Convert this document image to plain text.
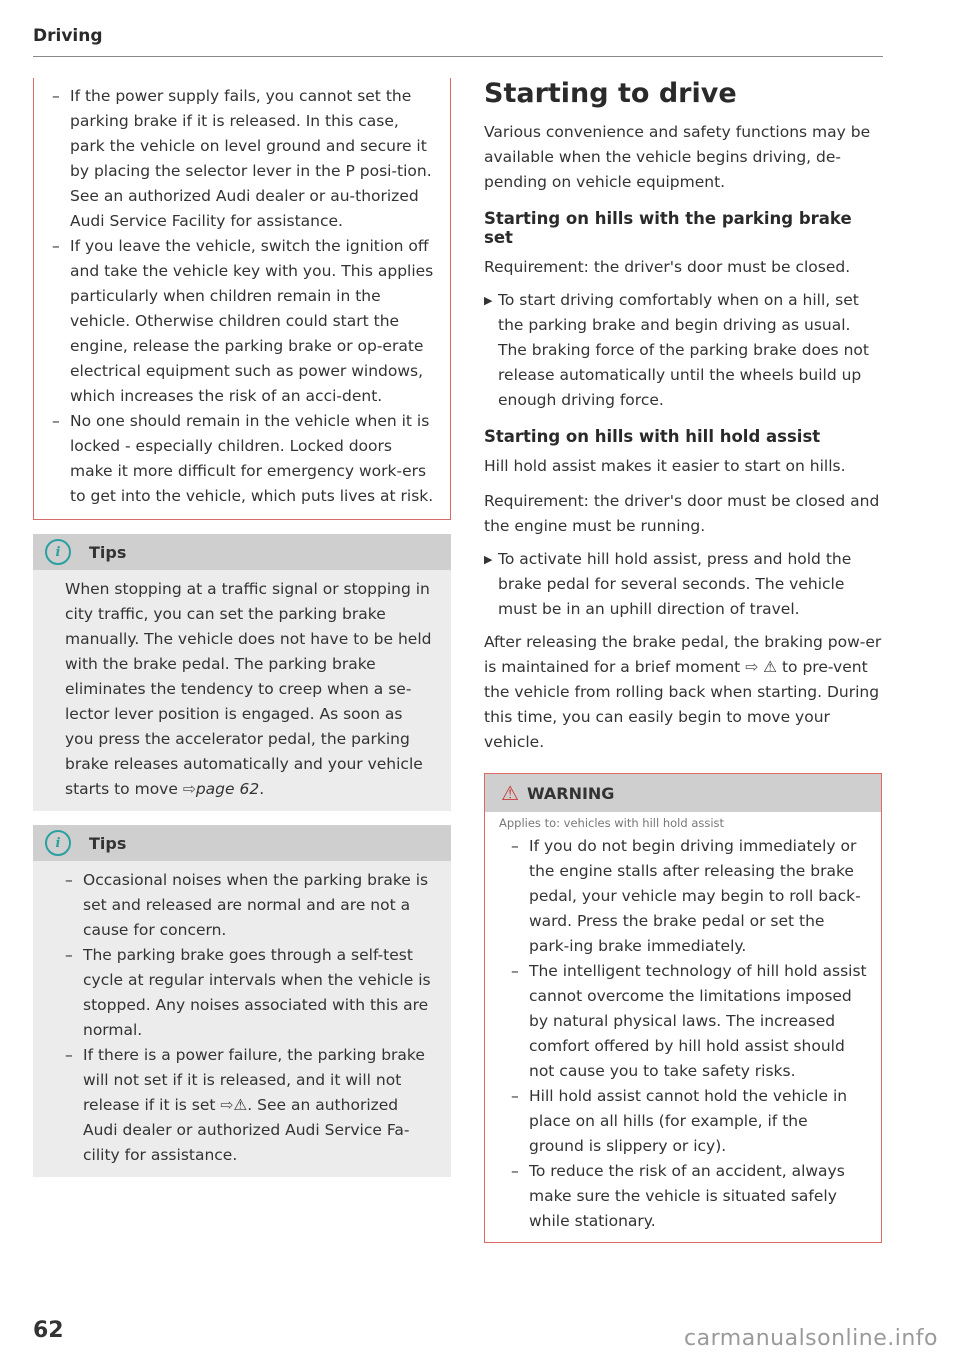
Driving
– If the power supply fails, you cannot set the parking brake if it is released. In this case, park the vehicle on level ground and secure it by placing the selector lever in the P posi-tion. See an authorized Audi dealer or au-thorized Audi Service Facility for assistance.
– If you leave the vehicle, switch the ignition off and take the vehicle key with you. This applies particularly when children remain in the vehicle. Otherwise children could start the engine, release the parking brake or op-erate electrical equipment such as power windows, which increases the risk of an acci-dent.
– No one should remain in the vehicle when it is locked - especially children. Locked doors make it more difficult for emergency work-ers to get into the vehicle, which puts lives at risk.
i	Tips

When stopping at a traffic signal or stopping in city traffic, you can set the parking brake manually. The vehicle does not have to be held with the brake pedal. The parking brake eliminates the tendency to creep when a se-lector lever position is engaged. As soon as you press the accelerator pedal, the parking brake releases automatically and your vehicle starts to move ⇨page 62.

i	Tips
– Occasional noises when the parking brake is set and released are normal and are not a cause for concern.
– The parking brake goes through a self-test cycle at regular intervals when the vehicle is stopped. Any noises associated with this are normal.
– If there is a power failure, the parking brake will not set if it is released, and it will not release if it is set ⇨⚠. See an authorized Audi dealer or authorized Audi Service Fa-cility for assistance.
Starting to drive

Various convenience and safety functions may be available when the vehicle begins driving, de-pending on vehicle equipment.

Starting on hills with the parking brake set

Requirement: the driver's door must be closed.

▶ To start driving comfortably when on a hill, set the parking brake and begin driving as usual. The braking force of the parking brake does not release automatically until the wheels build up enough driving force.
Starting on hills with hill hold assist

Hill hold assist makes it easier to start on hills.

Requirement: the driver's door must be closed and the engine must be running.

▶ To activate hill hold assist, press and hold the brake pedal for several seconds. The vehicle must be in an uphill direction of travel.

After releasing the brake pedal, the braking pow-er is maintained for a brief moment ⇨ ⚠ to pre-vent the vehicle from rolling back when starting. During this time, you can easily begin to move your vehicle.

⚠ WARNING
Applies to: vehicles with hill hold assist
– If you do not begin driving immediately or the engine stalls after releasing the brake pedal, your vehicle may begin to roll back-ward. Press the brake pedal or set the park-ing brake immediately.
– The intelligent technology of hill hold assist cannot overcome the limitations imposed by natural physical laws. The increased comfort offered by hill hold assist should not cause you to take safety risks.
– Hill hold assist cannot hold the vehicle in place on all hills (for example, if the ground is slippery or icy).
– To reduce the risk of an accident, always make sure the vehicle is situated safely while stationary.
62	carmanualsonline.info
